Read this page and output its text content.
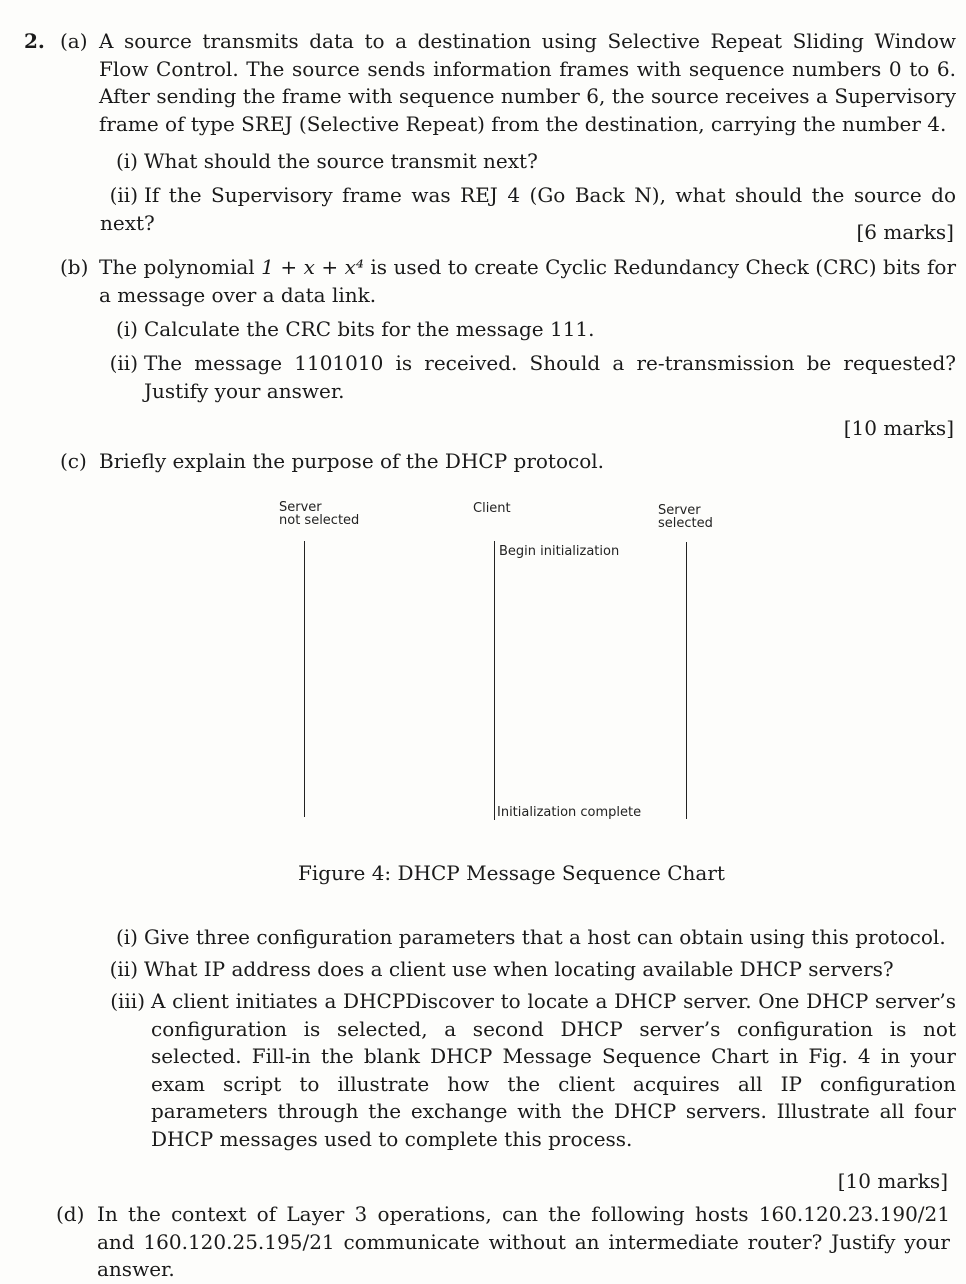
2. (a) A source transmits data to a destination using Selective Repeat Sliding Window Flow Control. The source sends information frames with sequence numbers 0 to 6. After sending the frame with sequence number 6, the source receives a Supervisory frame of type SREJ (Selective Repeat) from the destination, carrying the number 4.

(i) What should the source transmit next?
(ii) If the Supervisory frame was REJ 4 (Go Back N), what should the source do next?	[6 marks]
(b) The polynomial 1 + x + x⁴ is used to create Cyclic Redundancy Check (CRC) bits for a message over a data link.

(i) Calculate the CRC bits for the message 111.
(ii) The message 1101010 is received. Should a re-transmission be requested? Justify your answer.
[10 marks]
(c) Briefly explain the purpose of the DHCP protocol.

Server
not selected
Client	Server
selected
Begin initialization
Initialization complete
Figure 4: DHCP Message Sequence Chart
(i) Give three configuration parameters that a host can obtain using this protocol.
(ii) What IP address does a client use when locating available DHCP servers?
(iii) A client initiates a DHCPDiscover to locate a DHCP server. One DHCP server’s configuration is selected, a second DHCP server’s configuration is not selected. Fill-in the blank DHCP Message Sequence Chart in Fig. 4 in your exam script to illustrate how the client acquires all IP configuration parameters through the exchange with the DHCP servers. Illustrate all four DHCP messages used to complete this process.
[10 marks]
(d) In the context of Layer 3 operations, can the following hosts 160.120.23.190/21 and 160.120.25.195/21 communicate without an intermediate router? Justify your answer.
